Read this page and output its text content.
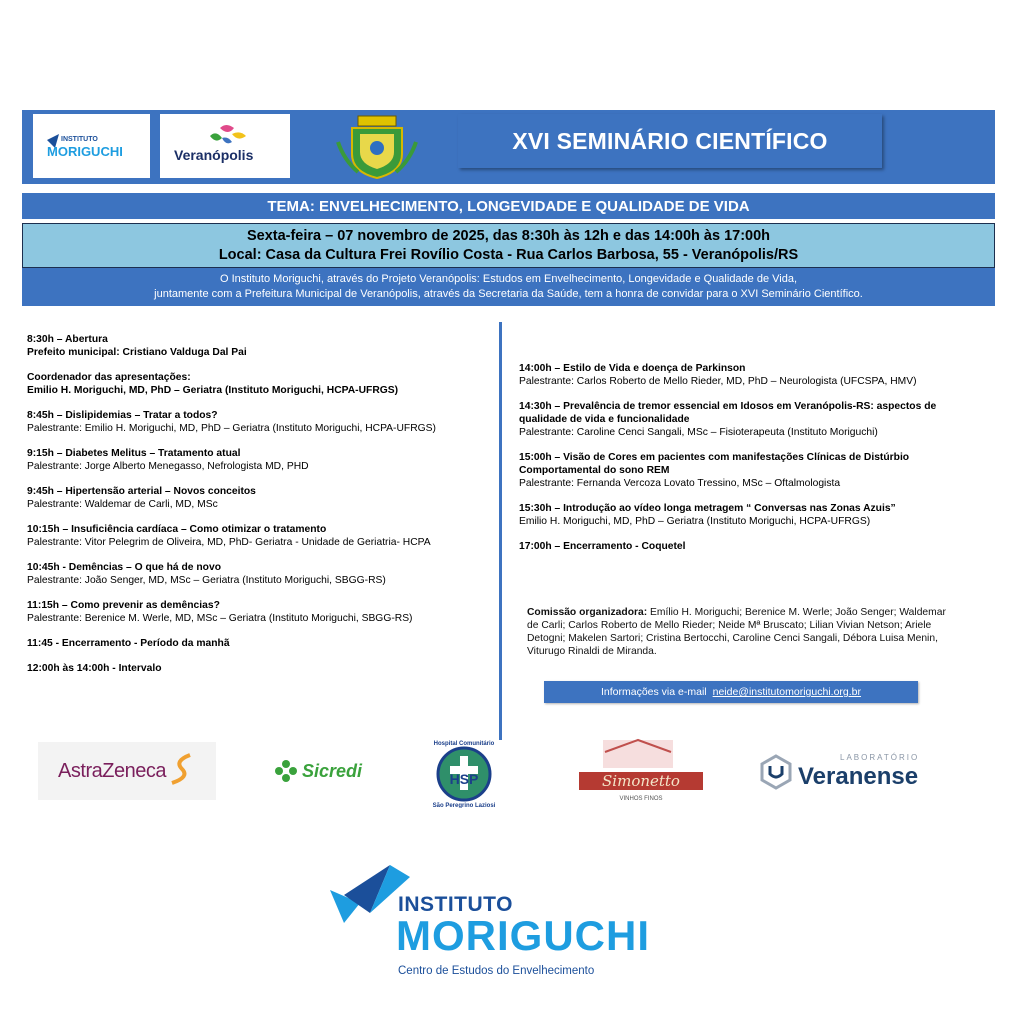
INSTITUTO
MORIGUCHI	Veranópolis
XVI SEMINÁRIO CIENTÍFICO
TEMA: ENVELHECIMENTO, LONGEVIDADE E QUALIDADE DE VIDA
Sexta-feira – 07 novembro de 2025, das 8:30h às 12h e das 14:00h às 17:00h
Local: Casa da Cultura Frei Rovílio Costa - Rua Carlos Barbosa, 55 - Veranópolis/RS
O Instituto Moriguchi, através do Projeto Veranópolis: Estudos em Envelhecimento, Longevidade e Qualidade de Vida,
juntamente com a Prefeitura Municipal de Veranópolis, através da Secretaria da Saúde, tem a honra de convidar para o XVI Seminário Científico.
8:30h – Abertura
Prefeito municipal: Cristiano Valduga Dal Pai
Coordenador das apresentações:
Emilio H. Moriguchi, MD, PhD – Geriatra (Instituto Moriguchi, HCPA-UFRGS)
8:45h – Dislipidemias – Tratar a todos?
Palestrante: Emilio H. Moriguchi, MD, PhD – Geriatra (Instituto Moriguchi, HCPA-UFRGS)
9:15h – Diabetes Melitus – Tratamento atual
Palestrante: Jorge Alberto Menegasso, Nefrologista MD, PHD
9:45h – Hipertensão arterial – Novos conceitos
Palestrante: Waldemar de Carli, MD, MSc
10:15h – Insuficiência cardíaca – Como otimizar o tratamento
Palestrante: Vitor Pelegrim de Oliveira, MD, PhD- Geriatra - Unidade de Geriatria- HCPA
10:45h - Demências – O que há de novo
Palestrante: João Senger, MD, MSc – Geriatra (Instituto Moriguchi, SBGG-RS)
11:15h – Como prevenir as demências?
Palestrante: Berenice M. Werle, MD, MSc – Geriatra (Instituto Moriguchi, SBGG-RS)
11:45 - Encerramento - Período da manhã
12:00h às 14:00h - Intervalo
14:00h – Estilo de Vida e doença de Parkinson
Palestrante: Carlos Roberto de Mello Rieder, MD, PhD – Neurologista (UFCSPA, HMV)
14:30h – Prevalência de tremor essencial em Idosos em Veranópolis-RS: aspectos de qualidade de vida e funcionalidade
Palestrante: Caroline Cenci Sangali, MSc – Fisioterapeuta (Instituto Moriguchi)
15:00h – Visão de Cores em pacientes com manifestações Clínicas de Distúrbio Comportamental do sono REM
Palestrante: Fernanda Vercoza Lovato Tressino, MSc – Oftalmologista
15:30h – Introdução ao vídeo longa metragem “ Conversas nas Zonas Azuis”
Emilio H. Moriguchi, MD, PhD – Geriatra (Instituto Moriguchi, HCPA-UFRGS)
17:00h – Encerramento - Coquetel
Comissão organizadora: Emílio H. Moriguchi; Berenice M. Werle; João Senger; Waldemar de Carli; Carlos Roberto de Mello Rieder; Neide Mª Bruscato; Lilian Vivian Netson; Ariele Detogni; Makelen Sartori; Cristina Bertocchi, Caroline Cenci Sangali, Débora Luisa Menin, Viturugo Rinaldi de Miranda.
Informações via e-mail neide@institutomoriguchi.org.br
AstraZeneca	Sicredi	HSP
Hospital Comunitário
São Peregrino Laziosi
Simonetto
VINHOS FINOS
LABORATÓRIO
Veranense
INSTITUTO
MORIGUCHI
Centro de Estudos do Envelhecimento
